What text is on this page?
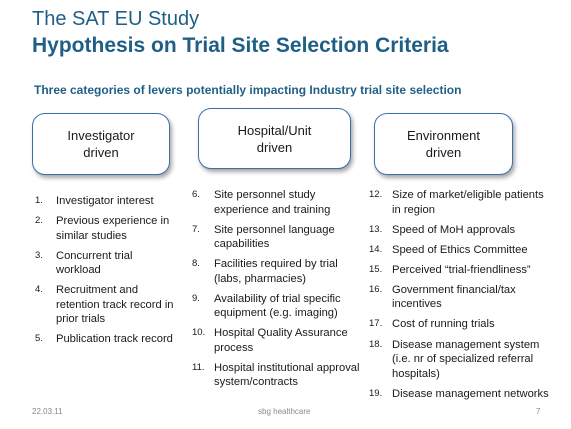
The SAT EU Study
Hypothesis on Trial Site Selection Criteria
Three categories of levers potentially impacting Industry trial site selection
Investigator
driven
Hospital/Unit
driven
Environment
driven
1.	Investigator interest
2.	Previous experience in similar studies
3.	Concurrent trial workload
4.	Recruitment and retention track record in prior trials
5.	Publication track record
6.	Site personnel study experience and training
7.	Site personnel language capabilities
8.	Facilities required by trial (labs, pharmacies)
9.	Availability of trial specific equipment (e.g. imaging)
10. Hospital Quality Assurance process
11. Hospital institutional approval system/contracts
12. Size of market/eligible patients in region
13. Speed of MoH approvals
14. Speed of Ethics Committee
15. Perceived “trial-friendliness”
16. Government financial/tax incentives
17. Cost of running trials
18. Disease management system (i.e. nr of specialized referral hospitals)
19. Disease management networks
22.03.11	sbg healthcare	7
